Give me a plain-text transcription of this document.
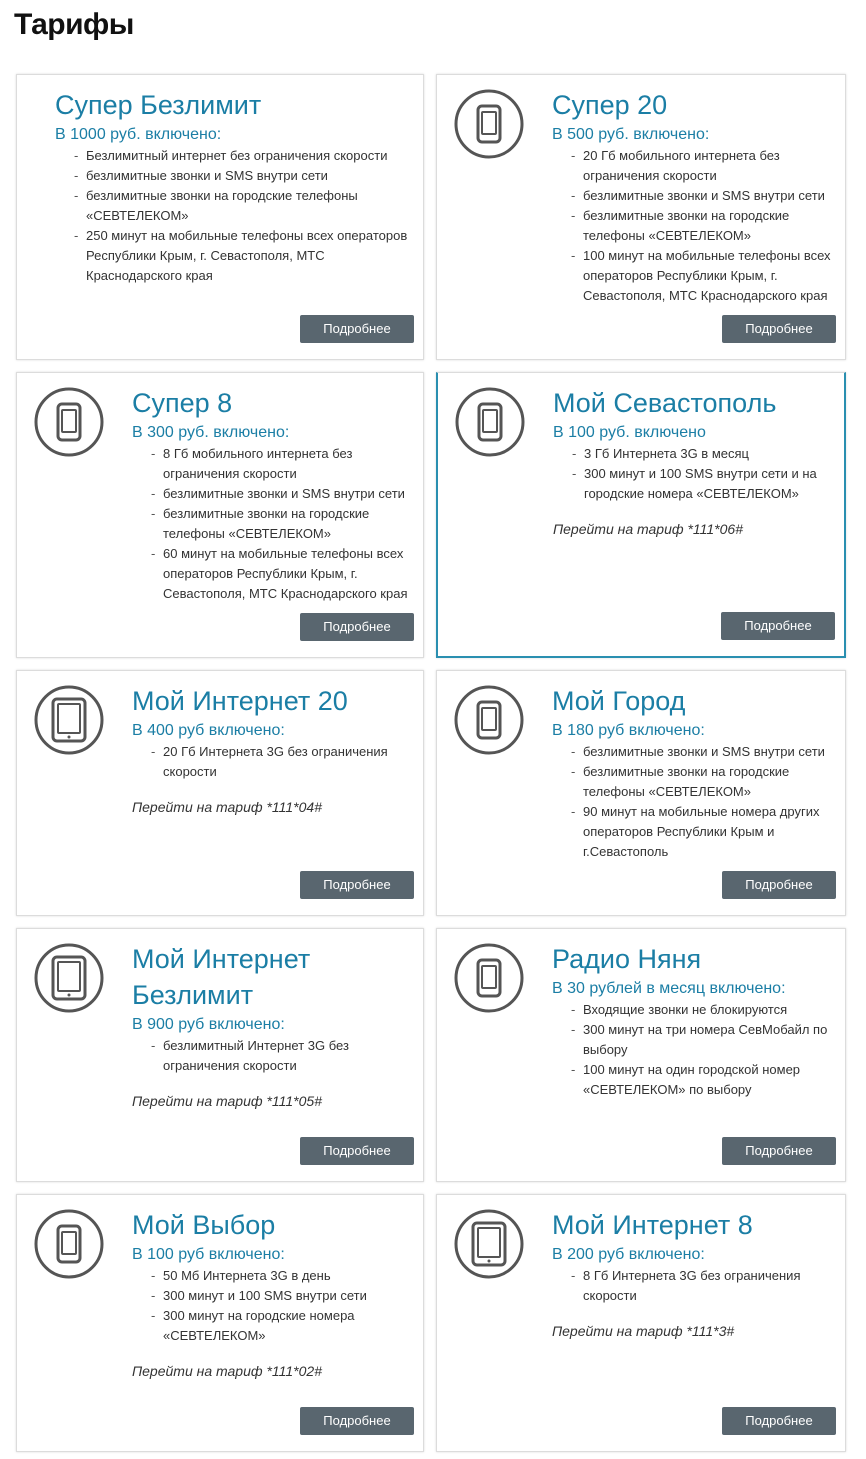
Тарифы
Супер Безлимит
В 1000 руб. включено:
- Безлимитный интернет без ограничения скорости
- безлимитные звонки и SMS внутри сети
- безлимитные звонки на городские телефоны «СЕВТЕЛЕКОМ»
- 250 минут на мобильные телефоны всех операторов Республики Крым, г. Севастополя, МТС Краснодарского края
Подробнее
Супер 20
В 500 руб. включено:
- 20 Гб мобильного интернета без ограничения скорости
- безлимитные звонки и SMS внутри сети
- безлимитные звонки на городские телефоны «СЕВТЕЛЕКОМ»
- 100 минут на мобильные телефоны всех операторов Республики Крым, г. Севастополя, МТС Краснодарского края
Подробнее
Супер 8
В 300 руб. включено:
- 8 Гб мобильного интернета без ограничения скорости
- безлимитные звонки и SMS внутри сети
- безлимитные звонки на городские телефоны «СЕВТЕЛЕКОМ»
- 60 минут на мобильные телефоны всех операторов Республики Крым, г. Севастополя, МТС Краснодарского края
Подробнее
Мой Севастополь
В 100 руб. включено
- 3 Гб Интернета 3G в месяц
- 300 минут и 100 SMS внутри сети и на городские номера «СЕВТЕЛЕКОМ»
Перейти на тариф *111*06#
Подробнее
Мой Интернет 20
В 400 руб включено:
- 20 Гб Интернета 3G без ограничения скорости
Перейти на тариф *111*04#
Подробнее
Мой Город
В 180 руб включено:
- безлимитные звонки и SMS внутри сети
- безлимитные звонки на городские телефоны «СЕВТЕЛЕКОМ»
- 90 минут на мобильные номера других операторов Республики Крым и г.Севастополь
Подробнее
Мой Интернет Безлимит
В 900 руб включено:
- безлимитный Интернет 3G без ограничения скорости
Перейти на тариф *111*05#
Подробнее
Радио Няня
В 30 рублей в месяц включено:
- Входящие звонки не блокируются
- 300 минут на три номера СевМобайл по выбору
- 100 минут на один городской номер «СЕВТЕЛЕКОМ» по выбору
Подробнее
Мой Выбор
В 100 руб включено:
- 50 Мб Интернета 3G в день
- 300 минут и 100 SMS внутри сети
- 300 минут на городские номера «СЕВТЕЛЕКОМ»
Перейти на тариф *111*02#
Подробнее
Мой Интернет 8
В 200 руб включено:
- 8 Гб Интернета 3G без ограничения скорости
Перейти на тариф *111*3#
Подробнее
